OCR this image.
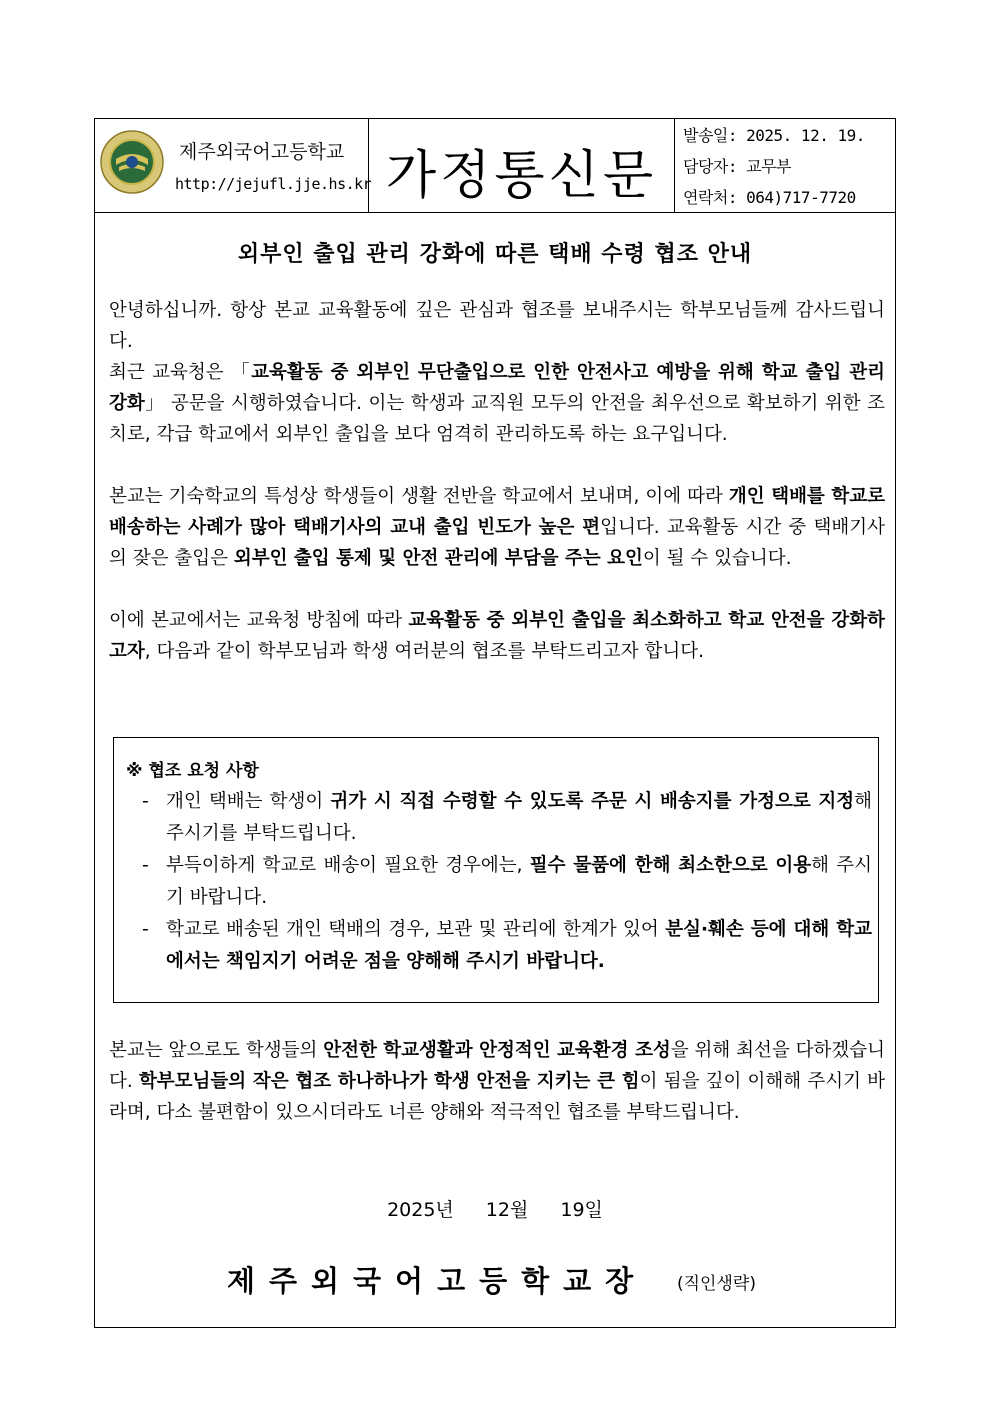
제주외국어고등학교
http://jejufl.jje.hs.kr 가정통신문
발송일: 2025. 12. 19.
담당자: 교무부
연락처: 064)717-7720
외부인 출입 관리 강화에 따른 택배 수령 협조 안내
안녕하십니까. 항상 본교 교육활동에 깊은 관심과 협조를 보내주시는 학부모님들께 감사드립니다.
최근 교육청은 「교육활동 중 외부인 무단출입으로 인한 안전사고 예방을 위해 학교 출입 관리 강화」 공문을 시행하였습니다. 이는 학생과 교직원 모두의 안전을 최우선으로 확보하기 위한 조치로, 각급 학교에서 외부인 출입을 보다 엄격히 관리하도록 하는 요구입니다.
본교는 기숙학교의 특성상 학생들이 생활 전반을 학교에서 보내며, 이에 따라 개인 택배를 학교로 배송하는 사례가 많아 택배기사의 교내 출입 빈도가 높은 편입니다. 교육활동 시간 중 택배기사의 잦은 출입은 외부인 출입 통제 및 안전 관리에 부담을 주는 요인이 될 수 있습니다.
이에 본교에서는 교육청 방침에 따라 교육활동 중 외부인 출입을 최소화하고 학교 안전을 강화하고자, 다음과 같이 학부모님과 학생 여러분의 협조를 부탁드리고자 합니다.
※ 협조 요청 사항
- 개인 택배는 학생이 귀가 시 직접 수령할 수 있도록 주문 시 배송지를 가정으로 지정해 주시기를 부탁드립니다.
- 부득이하게 학교로 배송이 필요한 경우에는, 필수 물품에 한해 최소한으로 이용해 주시기 바랍니다.
- 학교로 배송된 개인 택배의 경우, 보관 및 관리에 한계가 있어 분실·훼손 등에 대해 학교에서는 책임지기 어려운 점을 양해해 주시기 바랍니다.
본교는 앞으로도 학생들의 안전한 학교생활과 안정적인 교육환경 조성을 위해 최선을 다하겠습니다. 학부모님들의 작은 협조 하나하나가 학생 안전을 지키는 큰 힘이 됨을 깊이 이해해 주시기 바라며, 다소 불편함이 있으시더라도 너른 양해와 적극적인 협조를 부탁드립니다.
2025년 12월 19일
제주외국어고등학교장 (직인생략)
